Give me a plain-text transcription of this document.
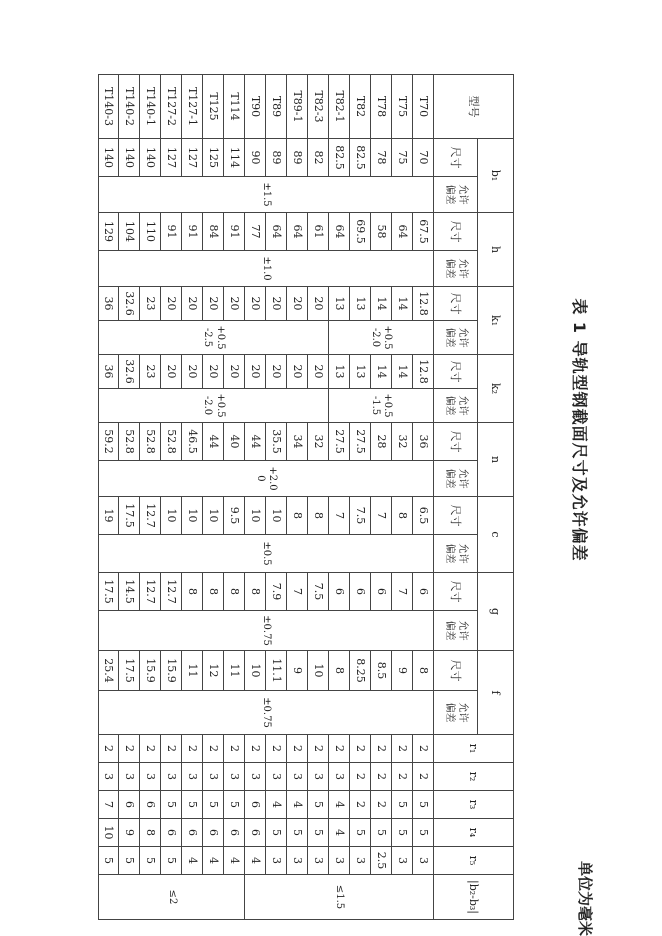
表 1 导轨型钢截面尺寸及允许偏差
单位为毫米
型号
b₁
尺寸
允许
偏差
h
尺寸
允许
偏差
k₁
尺寸
允许
偏差
k₂
尺寸
允许
偏差
n
尺寸
允许
偏差
c
尺寸
允许
偏差
g
尺寸
允许
偏差
f
尺寸
允许
偏差
r₁
r₂
r₃
r₄
r₅
|b₂-b₃|
T70
70
67.5
12.8
12.8
36
6.5
6
8
2
2
5
5
3
T75
75
64
14
14
32
8
7
9
2
2
5
5
3
T78
78
58
14
14
28
7
6
8.5
2
2
2
5
2.5
T82
82.5
69.5
13
13
27.5
7.5
6
8.25
2
2
2
5
3
T82-1
82.5
64
13
13
27.5
7
6
8
2
3
4
4
3
T82-3
82
61
20
20
32
8
7.5
10
2
3
5
5
3
T89-1
89
64
20
20
34
8
7
9
2
3
4
5
3
T89
89
64
20
20
35.5
10
7.9
11.1
2
3
4
5
3
T90
90
77
20
20
44
10
8
10
2
3
6
6
4
T114
114
91
20
20
40
9.5
8
11
2
3
5
6
4
T125
125
84
20
20
44
10
8
12
2
3
5
6
4
T127-1
127
91
20
20
46.5
10
8
11
2
3
5
6
4
T127-2
127
91
20
20
52.8
10
12.7
15.9
2
3
5
6
5
T140-1
140
110
23
23
52.8
12.7
12.7
15.9
2
3
6
8
5
T140-2
140
104
32.6
32.6
52.8
17.5
14.5
17.5
2
3
6
9
5
T140-3
140
129
36
36
59.2
19
17.5
25.4
2
3
7
10
5
±1.5
±1.0
+0.5
-2.0
+0.5
-2.5
+0.5
-1.5
+0.5
-2.0
+2.0
0
±0.5
±0.75
±0.75
≤1.5
≤2
